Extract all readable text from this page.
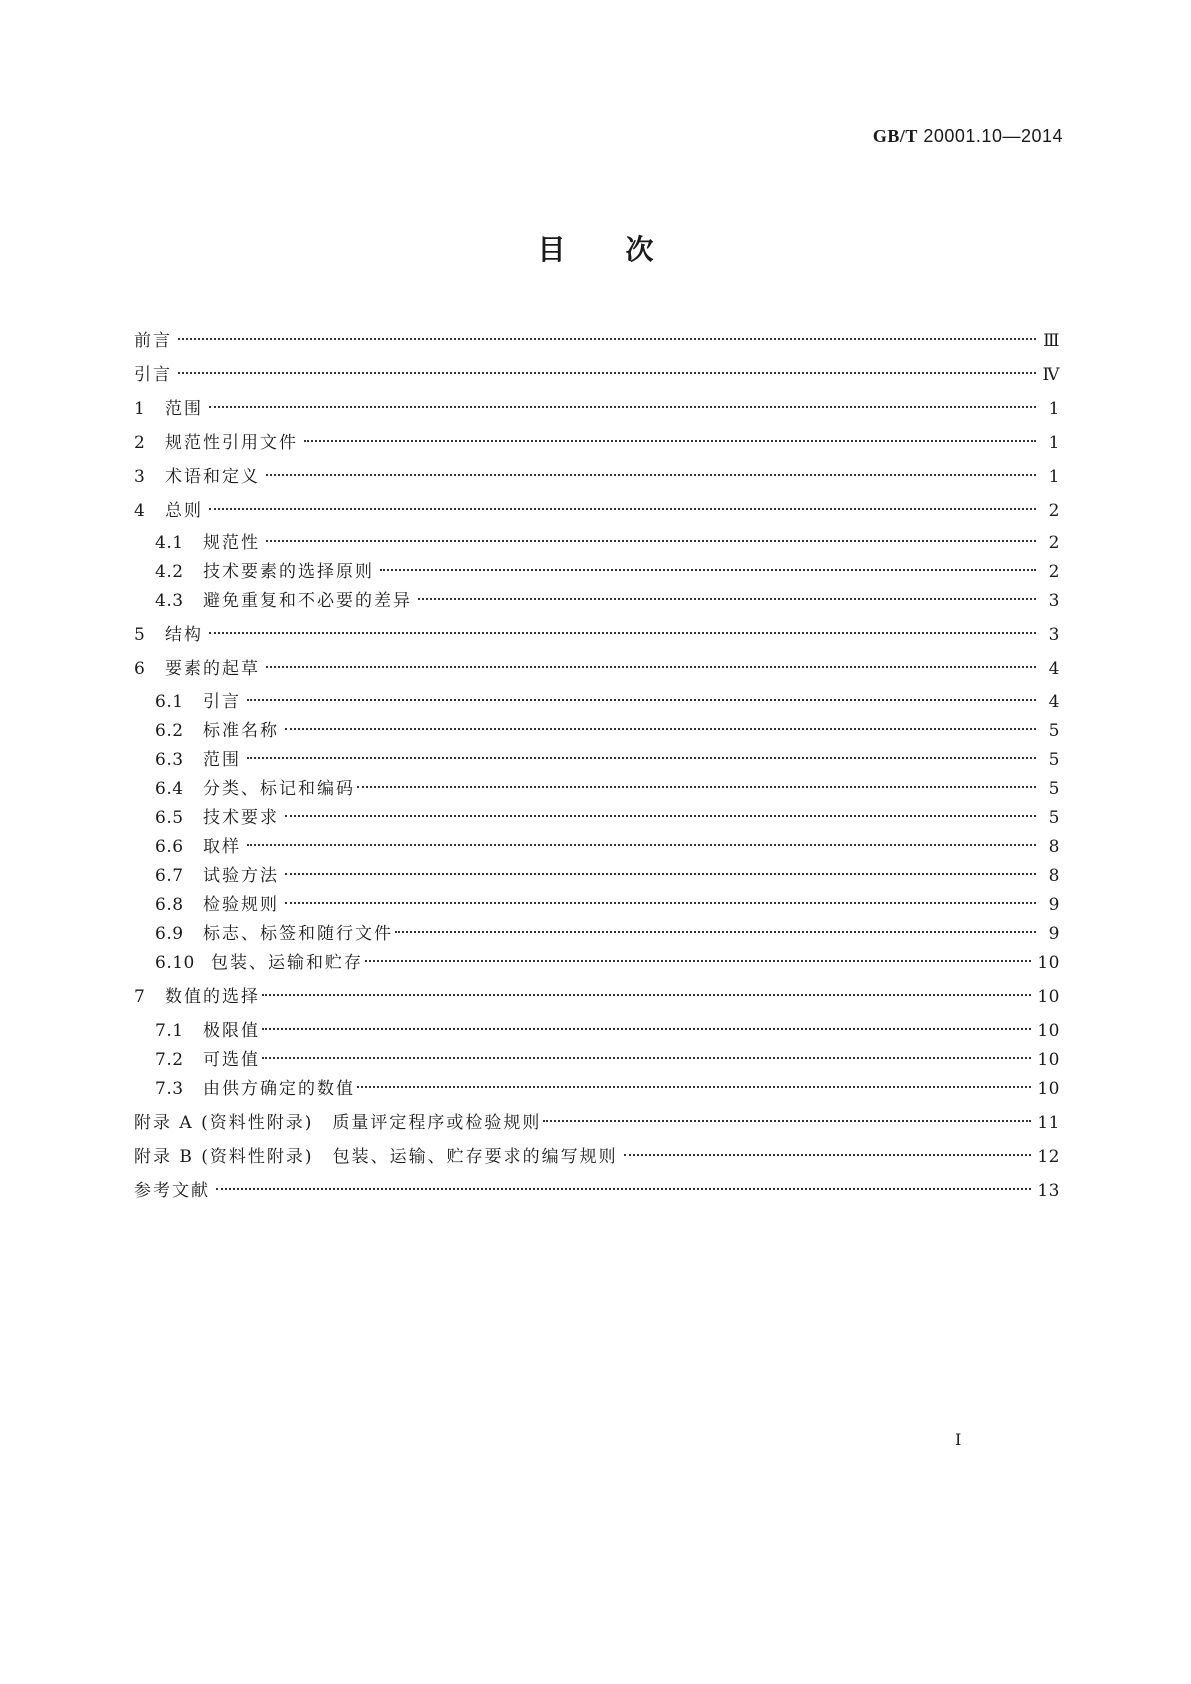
GB/T 20001.10—2014
目次
前言	Ⅲ
引言	Ⅳ
1	范围	1
2	规范性引用文件	1
3	术语和定义	1
4	总则	2
4.1	规范性	2
4.2	技术要素的选择原则	2
4.3	避免重复和不必要的差异	3
5	结构	3
6	要素的起草	4
6.1	引言	4
6.2	标准名称	5
6.3	范围	5
6.4	分类、标记和编码	5
6.5	技术要求	5
6.6	取样	8
6.7	试验方法	8
6.8	检验规则	9
6.9	标志、标签和随行文件	9
6.10 包装、运输和贮存	10
7	数值的选择	10
7.1	极限值	10
7.2	可选值	10
7.3	由供方确定的数值	10
附录 A (资料性附录)　质量评定程序或检验规则	11
附录 B (资料性附录)　包装、运输、贮存要求的编写规则	12
参考文献	13
I
